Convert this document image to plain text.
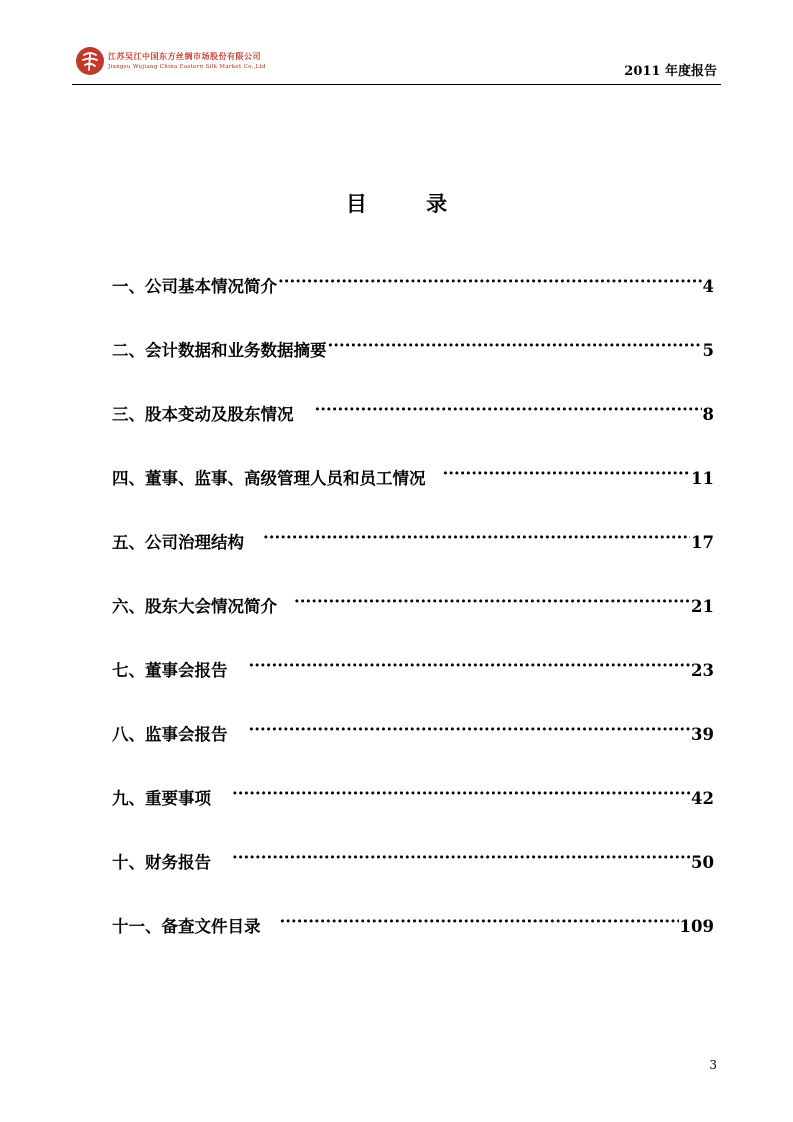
江苏吴江中国东方丝绸市场股份有限公司
Jiangsu Wujiang China Eastern Silk Market Co.,Ltd	2011 年度报告
目 录
一、公司基本情况简介 ·····	4
二、会计数据和业务数据摘要 ·····	5
三、股本变动及股东情况 ·····	8
四、董事、监事、高级管理人员和员工情况 ·····	11
五、公司治理结构 ·····	17
六、股东大会情况简介 ·····	21
七、董事会报告 ·····	23
八、监事会报告 ·····	39
九、重要事项 ·····	42
十、财务报告 ·····	50
十一、备查文件目录 ·····	109
3
